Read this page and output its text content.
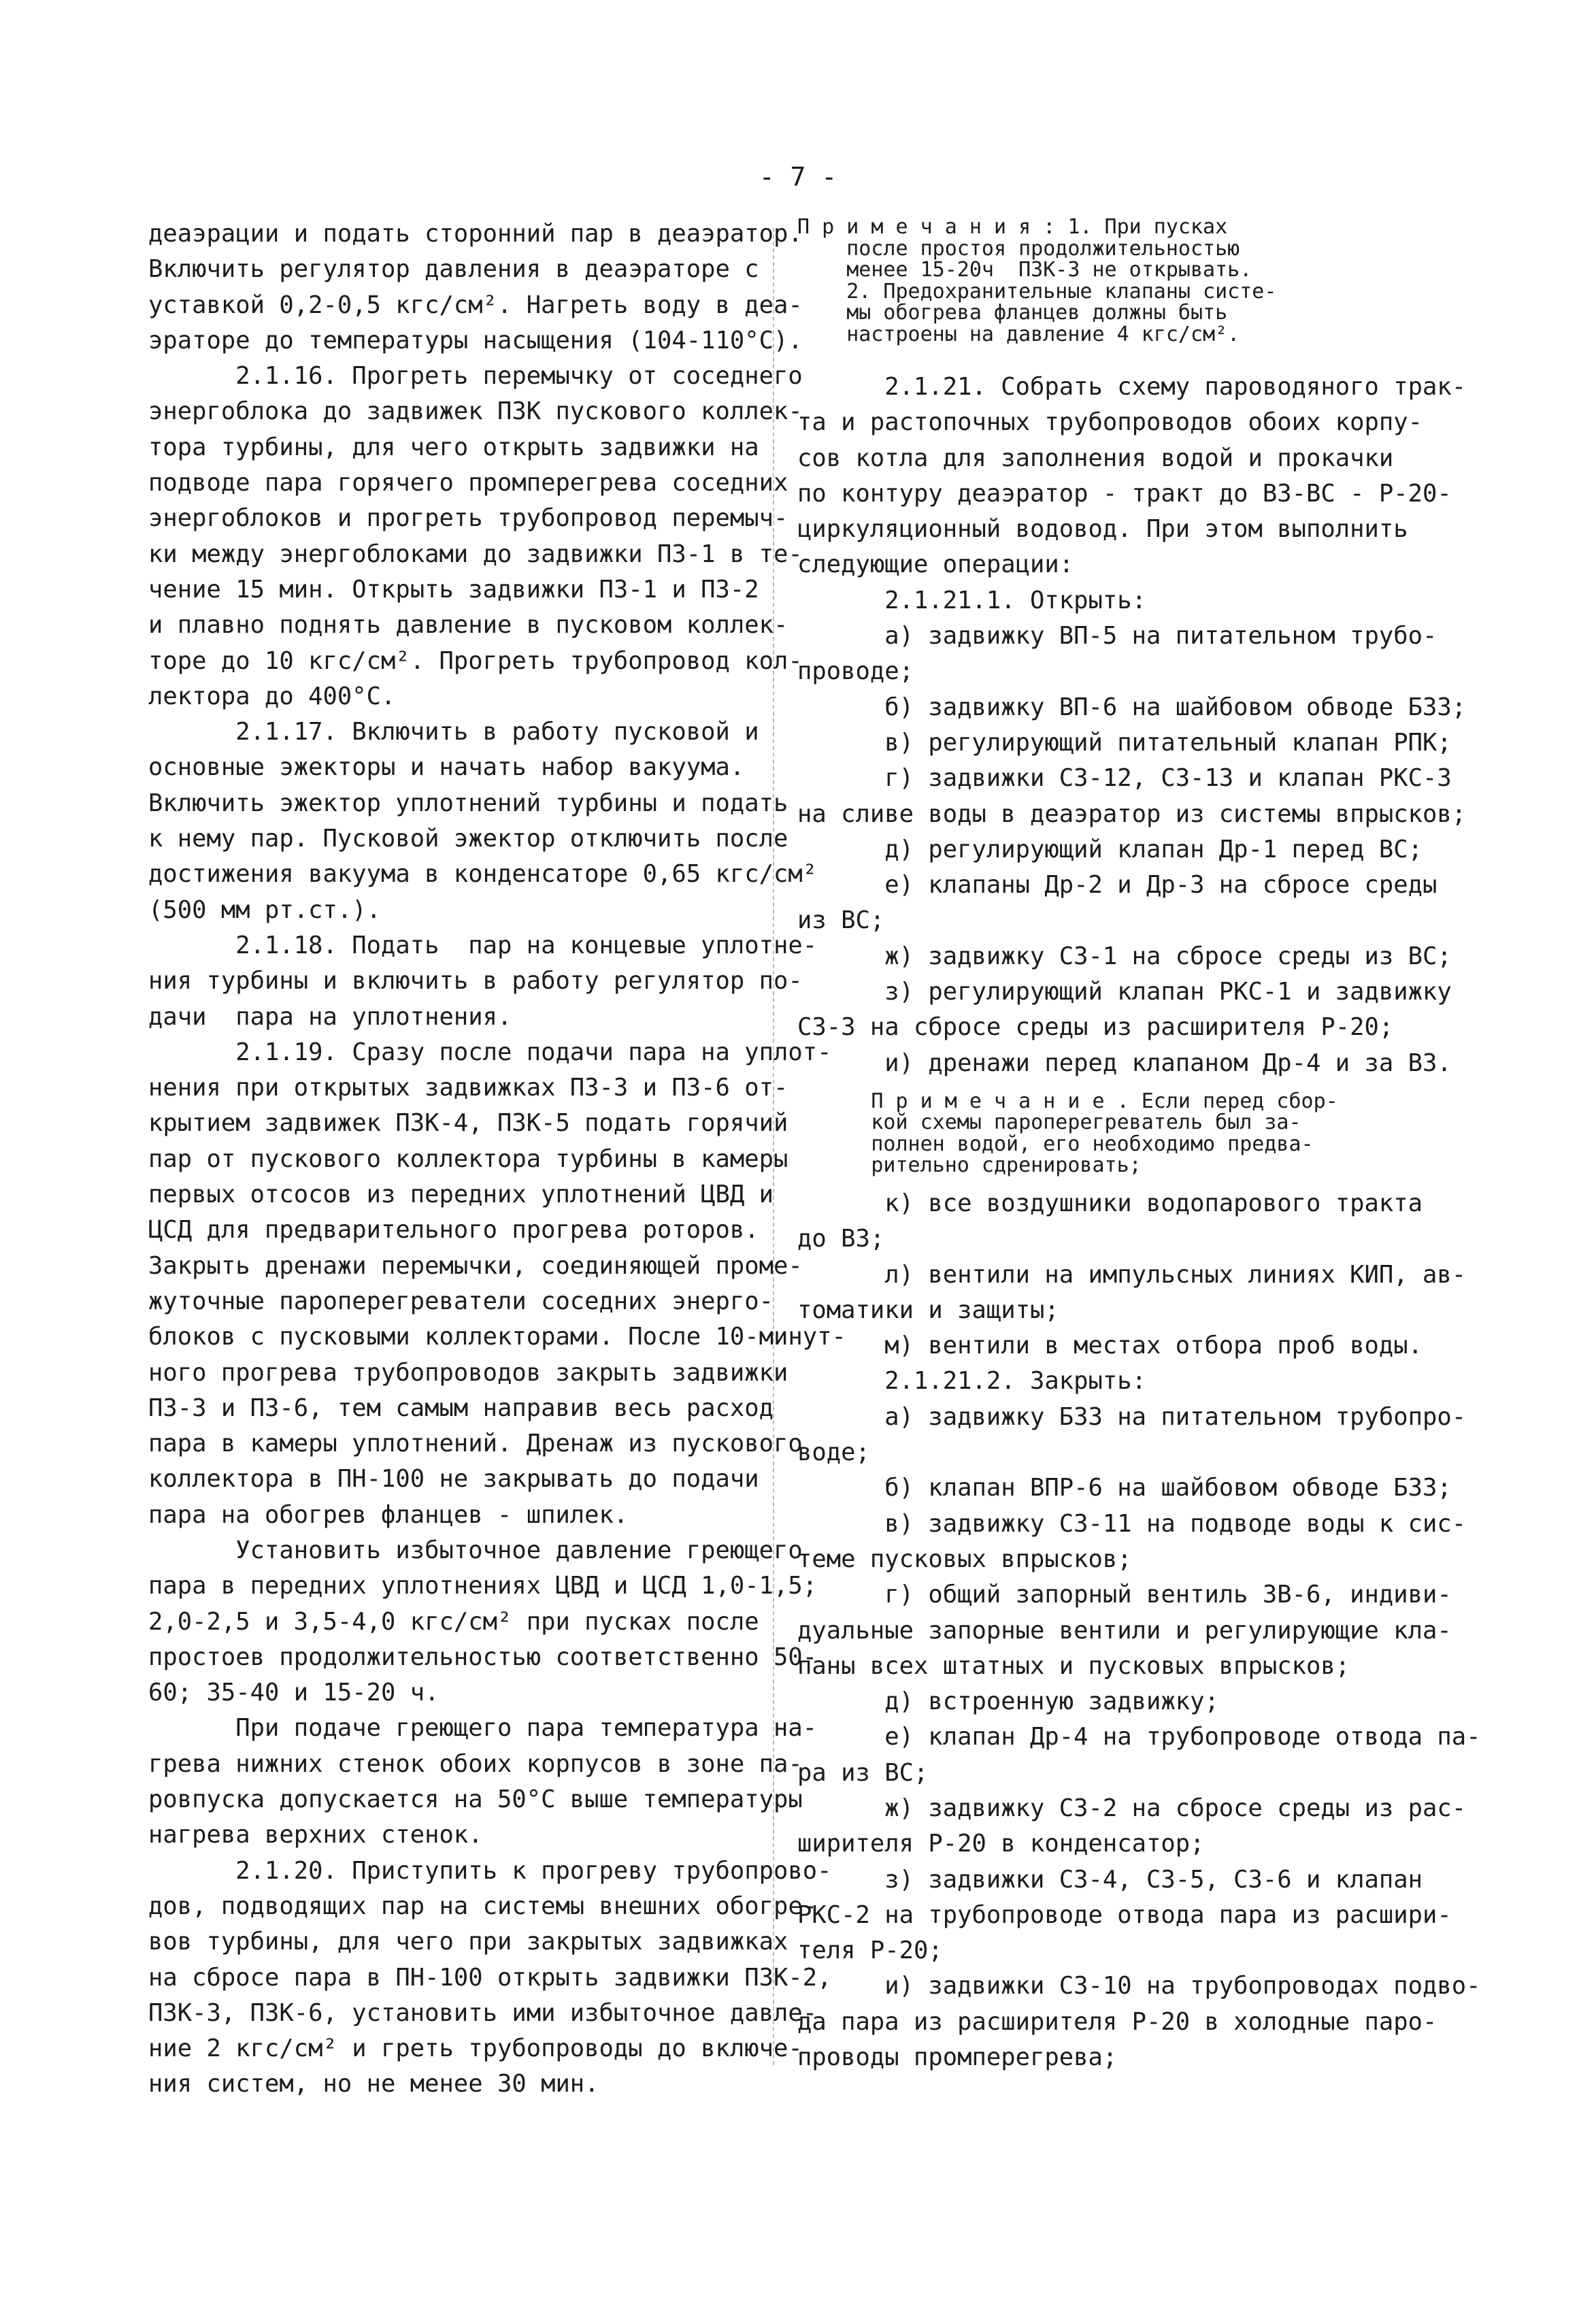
- 7 -
деаэрации и подать сторонний пар в деаэратор.
Включить регулятор давления в деаэраторе с
уставкой 0,2-0,5 кгс/см². Нагреть воду в деа-
эраторе до температуры насыщения (104-110°С).
2.1.16. Прогреть перемычку от соседнего
энергоблока до задвижек ПЗК пускового коллек-
тора турбины, для чего открыть задвижки на
подводе пара горячего промперегрева соседних
энергоблоков и прогреть трубопровод перемыч-
ки между энергоблоками до задвижки ПЗ-1 в те-
чение 15 мин. Открыть задвижки ПЗ-1 и ПЗ-2
и плавно поднять давление в пусковом коллек-
торе до 10 кгс/см². Прогреть трубопровод кол-
лектора до 400°С.
2.1.17. Включить в работу пусковой и
основные эжекторы и начать набор вакуума.
Включить эжектор уплотнений турбины и подать
к нему пар. Пусковой эжектор отключить после
достижения вакуума в конденсаторе 0,65 кгс/см²
(500 мм рт.ст.).
2.1.18. Подать  пар на концевые уплотне-
ния турбины и включить в работу регулятор по-
дачи  пара на уплотнения.
2.1.19. Сразу после подачи пара на уплот-
нения при открытых задвижках ПЗ-3 и ПЗ-6 от-
крытием задвижек ПЗК-4, ПЗК-5 подать горячий
пар от пускового коллектора турбины в камеры
первых отсосов из передних уплотнений ЦВД и
ЦСД для предварительного прогрева роторов.
Закрыть дренажи перемычки, соединяющей проме-
жуточные пароперегреватели соседних энерго-
блоков с пусковыми коллекторами. После 10-минут-
ного прогрева трубопроводов закрыть задвижки
ПЗ-3 и ПЗ-6, тем самым направив весь расход
пара в камеры уплотнений. Дренаж из пускового
коллектора в ПН-100 не закрывать до подачи
пара на обогрев фланцев - шпилек.
Установить избыточное давление греющего
пара в передних уплотнениях ЦВД и ЦСД 1,0-1,5;
2,0-2,5 и 3,5-4,0 кгс/см² при пусках после
простоев продолжительностью соответственно 50-
60; 35-40 и 15-20 ч.
При подаче греющего пара температура на-
грева нижних стенок обоих корпусов в зоне па-
ровпуска допускается на 50°С выше температуры
нагрева верхних стенок.
2.1.20. Приступить к прогреву трубопрово-
дов, подводящих пар на системы внешних обогре-
вов турбины, для чего при закрытых задвижках
на сбросе пара в ПН-100 открыть задвижки ПЗК-2,
ПЗК-3, ПЗК-6, установить ими избыточное давле-
ние 2 кгс/см² и греть трубопроводы до включе-
ния систем, но не менее 30 мин.
П р и м е ч а н и я : 1. При пусках
после простоя продолжительностью
менее 15-20ч  ПЗК-3 не открывать.
2. Предохранительные клапаны систе-
мы обогрева фланцев должны быть
настроены на давление 4 кгс/см².
2.1.21. Собрать схему пароводяного трак-
та и растопочных трубопроводов обоих корпу-
сов котла для заполнения водой и прокачки
по контуру деаэратор - тракт до ВЗ-ВС - Р-20-
циркуляционный водовод. При этом выполнить
следующие операции:
2.1.21.1. Открыть:
а) задвижку ВП-5 на питательном трубо-
проводе;
б) задвижку ВП-6 на шайбовом обводе Б33;
в) регулирующий питательный клапан РПК;
г) задвижки СЗ-12, СЗ-13 и клапан РКС-3
на сливе воды в деаэратор из системы впрысков;
д) регулирующий клапан Др-1 перед ВС;
е) клапаны Др-2 и Др-3 на сбросе среды
из ВС;
ж) задвижку СЗ-1 на сбросе среды из ВС;
з) регулирующий клапан РКС-1 и задвижку
СЗ-3 на сбросе среды из расширителя Р-20;
и) дренажи перед клапаном Др-4 и за ВЗ.
П р и м е ч а н и е . Если перед сбор-
кой схемы пароперегреватель был за-
полнен водой, его необходимо предва-
рительно сдренировать;
к) все воздушники водопарового тракта
до ВЗ;
л) вентили на импульсных линиях КИП, ав-
томатики и защиты;
м) вентили в местах отбора проб воды.
2.1.21.2. Закрыть:
а) задвижку Б33 на питательном трубопро-
воде;
б) клапан ВПР-6 на шайбовом обводе Б33;
в) задвижку СЗ-11 на подводе воды к сис-
теме пусковых впрысков;
г) общий запорный вентиль ЗВ-6, индиви-
дуальные запорные вентили и регулирующие кла-
паны всех штатных и пусковых впрысков;
д) встроенную задвижку;
е) клапан Др-4 на трубопроводе отвода па-
ра из ВС;
ж) задвижку СЗ-2 на сбросе среды из рас-
ширителя Р-20 в конденсатор;
з) задвижки СЗ-4, СЗ-5, СЗ-6 и клапан
РКС-2 на трубопроводе отвода пара из расшири-
теля Р-20;
и) задвижки СЗ-10 на трубопроводах подво-
да пара из расширителя Р-20 в холодные паро-
проводы промперегрева;
